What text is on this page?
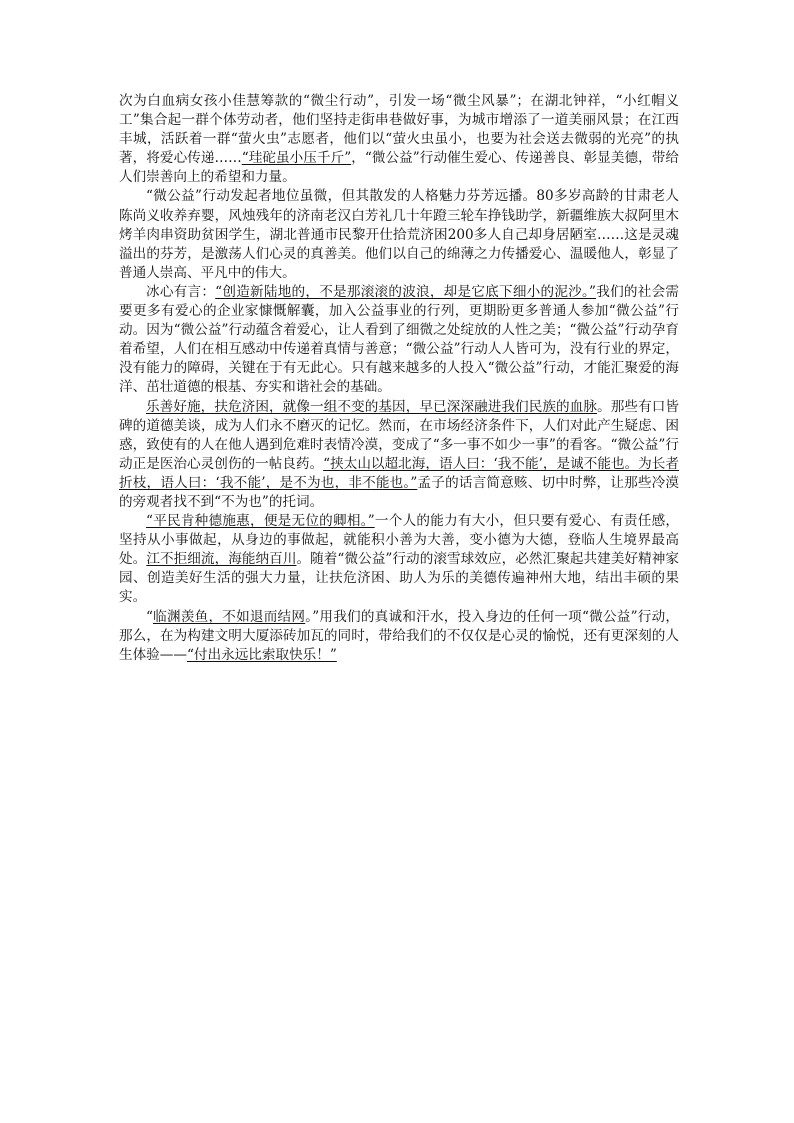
次为白血病女孩小佳慧筹款的“微尘行动”，引发一场“微尘风暴”；在湖北钟祥，“小红帽义工”集合起一群个体劳动者，他们坚持走街串巷做好事，为城市增添了一道美丽风景；在江西丰城，活跃着一群“萤火虫”志愿者，他们以“萤火虫虽小，也要为社会送去微弱的光亮”的执著，将爱心传递……“珪砣虽小压千斤”，“微公益”行动催生爱心、传递善良、彰显美德，带给人们崇善向上的希望和力量。

“微公益”行动发起者地位虽微，但其散发的人格魅力芬芳远播。80多岁高龄的甘肃老人陈尚义收养弃婴，风烛残年的济南老汉白芳礼几十年蹬三轮车挣钱助学，新疆维族大叔阿里木烤羊肉串资助贫困学生，湖北普通市民黎开仕拾荒济困200多人自己却身居陋室……这是灵魂溢出的芬芳，是激荡人们心灵的真善美。他们以自己的绵薄之力传播爱心、温暖他人，彰显了普通人崇高、平凡中的伟大。

冰心有言：“创造新陆地的，不是那滚滚的波浪，却是它底下细小的泥沙。”我们的社会需要更多有爱心的企业家慷慨解囊，加入公益事业的行列，更期盼更多普通人参加“微公益”行动。因为“微公益”行动蕴含着爱心，让人看到了细微之处绽放的人性之美；“微公益”行动孕育着希望，人们在相互感动中传递着真情与善意；“微公益”行动人人皆可为，没有行业的界定，没有能力的障碍，关键在于有无此心。只有越来越多的人投入“微公益”行动，才能汇聚爱的海洋、茁壮道德的根基、夯实和谐社会的基础。

乐善好施，扶危济困，就像一组不变的基因，早已深深融进我们民族的血脉。那些有口皆碑的道德美谈，成为人们永不磨灭的记忆。然而，在市场经济条件下，人们对此产生疑虑、困惑，致使有的人在他人遇到危难时表情冷漠，变成了“多一事不如少一事”的看客。“微公益”行动正是医治心灵创伤的一帖良药。“挟太山以超北海，语人曰：‘我不能’，是诚不能也。为长者折枝，语人曰：‘我不能’，是不为也，非不能也。”孟子的话言简意赅、切中时弊，让那些冷漠的旁观者找不到“不为也”的托词。

“平民肯种德施惠，便是无位的卿相。”一个人的能力有大小，但只要有爱心、有责任感，坚持从小事做起，从身边的事做起，就能积小善为大善，变小德为大德，登临人生境界最高处。江不拒细流，海能纳百川。随着“微公益”行动的滚雪球效应，必然汇聚起共建美好精神家园、创造美好生活的强大力量，让扶危济困、助人为乐的美德传遍神州大地，结出丰硕的果实。

“临渊羡鱼，不如退而结网。”用我们的真诚和汗水，投入身边的任何一项“微公益”行动，那么，在为构建文明大厦添砖加瓦的同时，带给我们的不仅仅是心灵的愉悦，还有更深刻的人生体验——“付出永远比索取快乐！”
